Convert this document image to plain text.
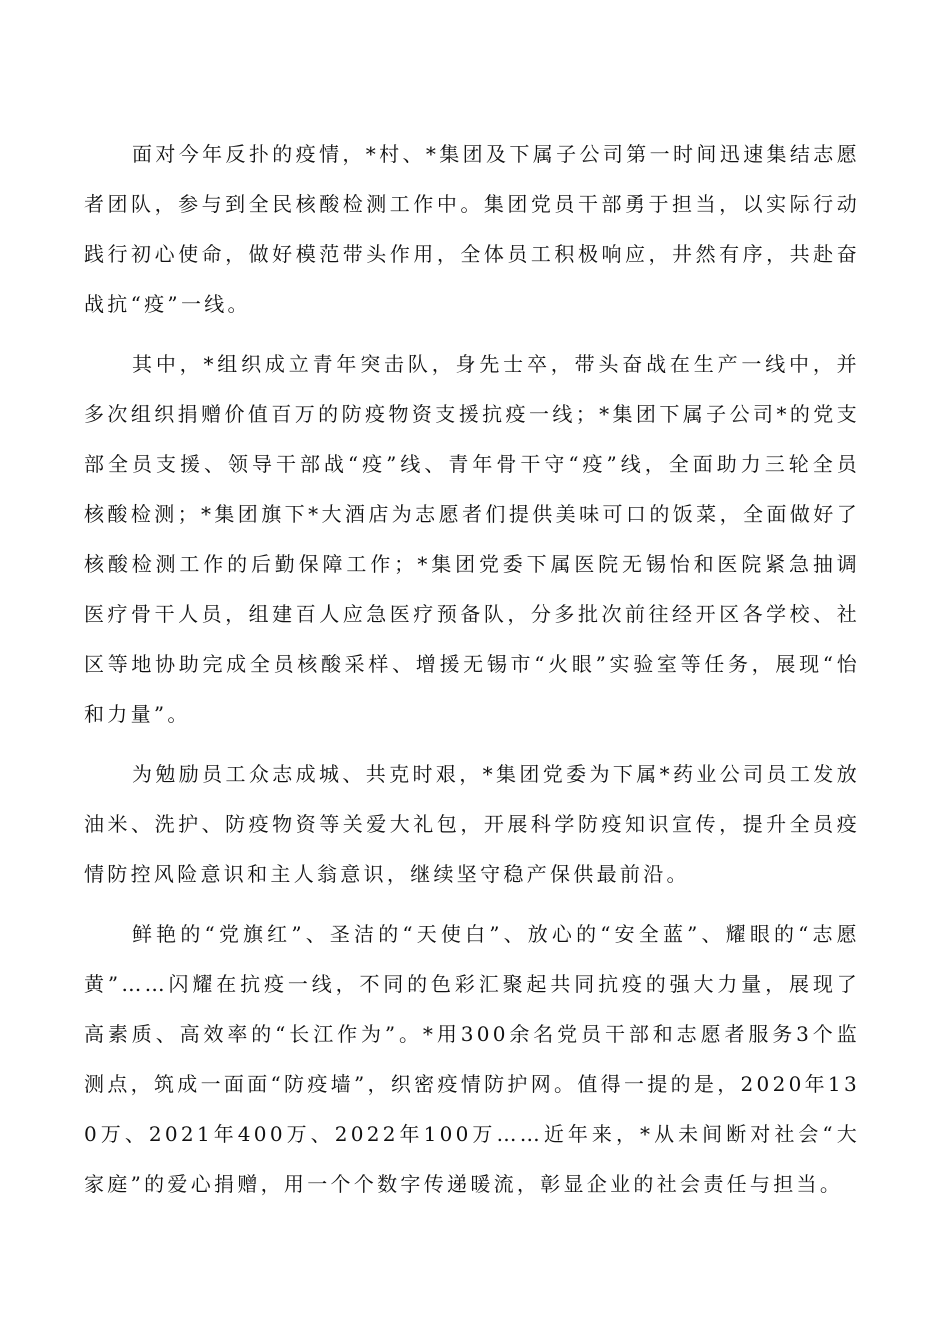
面对今年反扑的疫情，*村、*集团及下属子公司第一时间迅速集结志愿者团队，参与到全民核酸检测工作中。集团党员干部勇于担当，以实际行动践行初心使命，做好模范带头作用，全体员工积极响应，井然有序，共赴奋战抗“疫”一线。

其中，*组织成立青年突击队，身先士卒，带头奋战在生产一线中，并多次组织捐赠价值百万的防疫物资支援抗疫一线；*集团下属子公司*的党支部全员支援、领导干部战“疫”线、青年骨干守“疫”线，全面助力三轮全员核酸检测；*集团旗下*大酒店为志愿者们提供美味可口的饭菜，全面做好了核酸检测工作的后勤保障工作；*集团党委下属医院无锡怡和医院紧急抽调医疗骨干人员，组建百人应急医疗预备队，分多批次前往经开区各学校、社区等地协助完成全员核酸采样、增援无锡市“火眼”实验室等任务，展现“怡和力量”。

为勉励员工众志成城、共克时艰，*集团党委为下属*药业公司员工发放油米、洗护、防疫物资等关爱大礼包，开展科学防疫知识宣传，提升全员疫情防控风险意识和主人翁意识，继续坚守稳产保供最前沿。

鲜艳的“党旗红”、圣洁的“天使白”、放心的“安全蓝”、耀眼的“志愿黄”……闪耀在抗疫一线，不同的色彩汇聚起共同抗疫的强大力量，展现了高素质、高效率的“长江作为”。*用300余名党员干部和志愿者服务3个监测点，筑成一面面“防疫墙”，织密疫情防护网。值得一提的是，2020年130万、2021年400万、2022年100万……近年来，*从未间断对社会“大家庭”的爱心捐赠，用一个个数字传递暖流，彰显企业的社会责任与担当。
